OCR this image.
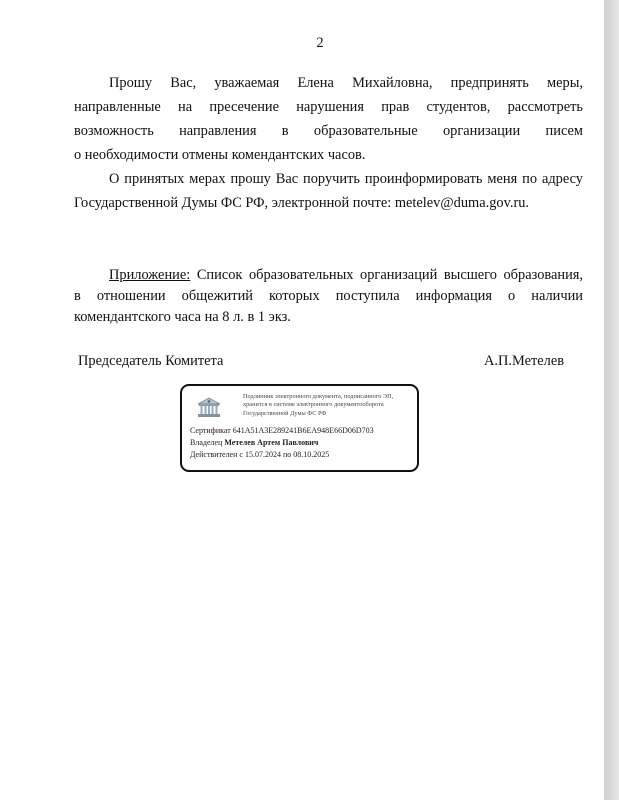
2
Прошу Вас, уважаемая Елена Михайловна, предпринять меры,
направленные на пресечение нарушения прав студентов, рассмотреть
возможность направления в образовательные организации писем
о необходимости отмены комендантских часов.
О принятых мерах прошу Вас поручить проинформировать меня по адресу
Государственной Думы ФС РФ, электронной почте: metelev@duma.gov.ru.
Приложение: Список образовательных организаций высшего образования,
в отношении общежитий которых поступила информация о наличии
комендантского часа на 8 л. в 1 экз.
Председатель Комитета	А.П.Метелев
Подлинник электронного документа, подписанного ЭП, хранится в системе электронного документооборота Государственной Думы ФС РФ
Сертификат 641A51A3E289241B6EA948E66D06D703
Владелец Метелев Артем Павлович
Действителен с 15.07.2024 по 08.10.2025
